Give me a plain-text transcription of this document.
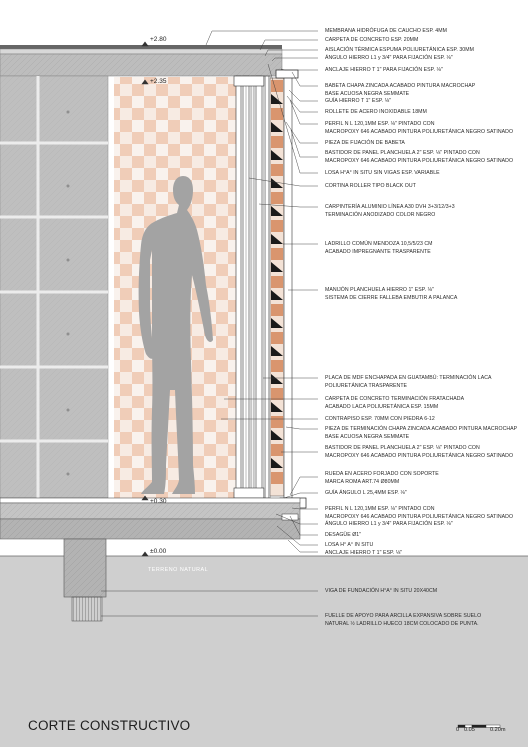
+2.80
+2.35
+0.30
±0.00
TERRENO NATURAL
MEMBRANA HIDRÓFUGA DE CAUCHO ESP. 4MM
CARPETA DE CONCRETO ESP. 20MM
AISLACIÓN TÉRMICA ESPUMA POLIURETÁNICA ESP. 30MM
ÁNGULO HIERRO L1 y 3/4" PARA FIJACIÓN ESP. ⅛"
ANCLAJE HIERRO T 1" PARA FIJACIÓN ESP. ⅛"
BABETA CHAPA ZINCADA ACABADO PINTURA MACROCHAP
BASE ACUOSA NEGRA SEMMATE
GUÍA HIERRO T 1" ESP. ⅛"
ROLLETE DE ACERO INOXIDABLE 18MM
PERFIL N L 120,1MM ESP. ⅛" PINTADO CON
MACROPOXY 646 ACABADO PINTURA POLIURETÁNICA NEGRO SATINADO
PIEZA DE FIJACIÓN DE BABETA
BASTIDOR DE PANEL PLANCHUELA 2" ESP. ⅛" PINTADO CON
MACROPOXY 646 ACABADO PINTURA POLIURETÁNICA NEGRO SATINADO
LOSA H°A° IN SITU SIN VIGAS ESP. VARIABLE
CORTINA ROLLER TIPO BLACK OUT
CARPINTERÍA ALUMINIO LÍNEA A30 DVH 3+3/12/3+3
TERMINACIÓN ANODIZADO COLOR NEGRO
LADRILLO COMÚN MENDOZA 10,5/5/23 CM
ACABADO IMPREGNANTE TRASPARENTE
MANIJÓN PLANCHUELA HIERRO 1" ESP. ⅛"
SISTEMA DE CIERRE FALLEBA EMBUTIR A PALANCA
PLACA DE MDF ENCHAPADA EN GUATAMBÚ: TERMINACIÓN LACA
POLIURETÁNICA TRASPARENTE
CARPETA DE CONCRETO TERMINACIÓN FRATACHADA
ACABADO LACA POLIURETÁNICA ESP. 15MM
CONTRAPISO ESP. 70MM CON PIEDRA 6-12
PIEZA DE TERMINACIÓN CHAPA ZINCADA ACABADO PINTURA MACROCHAP
BASE ACUOSA NEGRA SEMMATE
BASTIDOR DE PANEL PLANCHUELA 2" ESP. ⅛" PINTADO CON
MACROPOXY 646 ACABADO PINTURA POLIURETÁNICA NEGRO SATINADO
RUEDA EN ACERO FORJADO CON SOPORTE
MARCA ROMA ART.74 Ø80MM
GUÍA ÁNGULO L 25,4MM ESP. ⅛"
PERFIL N L 120,1MM ESP. ⅛" PINTADO CON
MACROPOXY 646 ACABADO PINTURA POLIURETÁNICA NEGRO SATINADO
ÁNGULO HIERRO L1 y 3/4" PARA FIJACIÓN ESP. ⅛"
DESAGÜE Ø1"
LOSA H° A° IN SITU
ANCLAJE HIERRO T 1" ESP. ⅛"
VIGA DE FUNDACIÓN H°A° IN SITU 20X40CM
FUELLE DE APOYO PARA ARCILLA EXPANSIVA SOBRE SUELO
NATURAL ½ LADRILLO HUECO 18CM COLOCADO DE PUNTA.
CORTE CONSTRUCTIVO	0 0.05	0.20m
